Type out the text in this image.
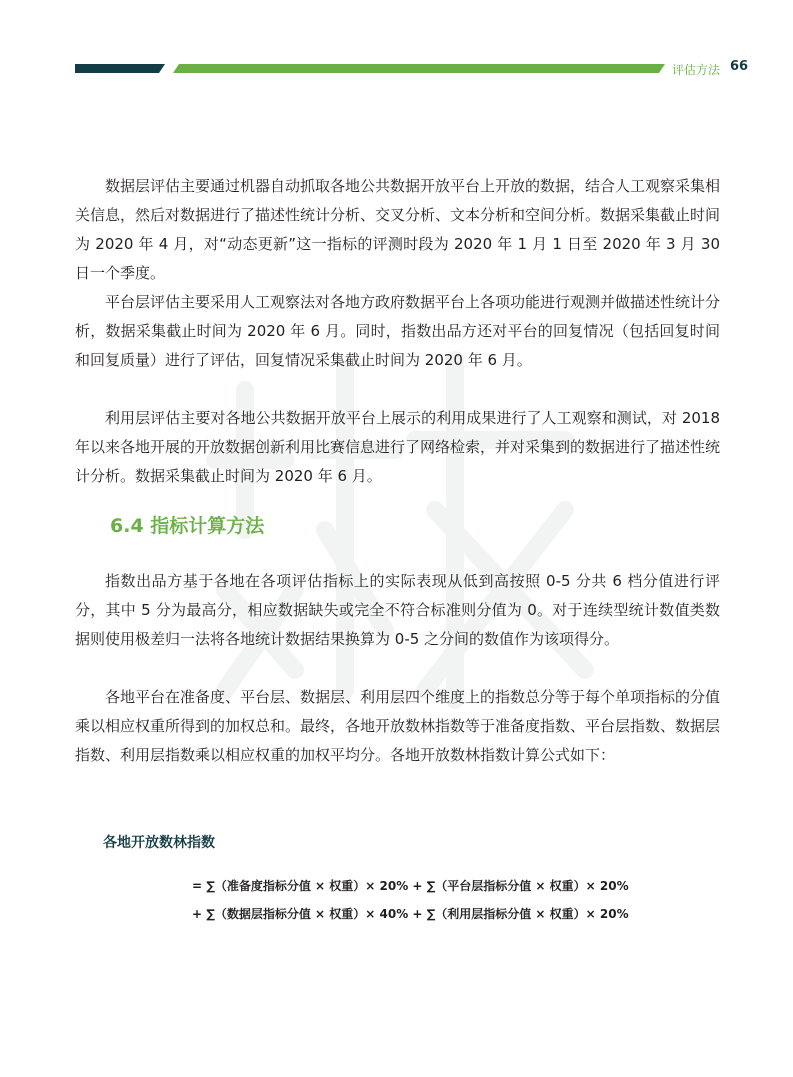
评估方法 66

数据层评估主要通过机器自动抓取各地公共数据开放平台上开放的数据，结合人工观察采集相关信息，然后对数据进行了描述性统计分析、交叉分析、文本分析和空间分析。数据采集截止时间为 2020 年 4 月，对“动态更新”这一指标的评测时段为 2020 年 1 月 1 日至 2020 年 3 月 30 日一个季度。

平台层评估主要采用人工观察法对各地方政府数据平台上各项功能进行观测并做描述性统计分析，数据采集截止时间为 2020 年 6 月。同时，指数出品方还对平台的回复情况（包括回复时间和回复质量）进行了评估，回复情况采集截止时间为 2020 年 6 月。

利用层评估主要对各地公共数据开放平台上展示的利用成果进行了人工观察和测试，对 2018 年以来各地开展的开放数据创新利用比赛信息进行了网络检索，并对采集到的数据进行了描述性统计分析。数据采集截止时间为 2020 年 6 月。

6.4 指标计算方法

指数出品方基于各地在各项评估指标上的实际表现从低到高按照 0-5 分共 6 档分值进行评分，其中 5 分为最高分，相应数据缺失或完全不符合标准则分值为 0。对于连续型统计数值类数据则使用极差归一法将各地统计数据结果换算为 0-5 之分间的数值作为该项得分。

各地平台在准备度、平台层、数据层、利用层四个维度上的指数总分等于每个单项指标的分值乘以相应权重所得到的加权总和。最终，各地开放数林指数等于准备度指数、平台层指数、数据层指数、利用层指数乘以相应权重的加权平均分。各地开放数林指数计算公式如下：

各地开放数林指数
= ∑（准备度指标分值 × 权重）× 20% + ∑（平台层指标分值 × 权重）× 20%
+ ∑（数据层指标分值 × 权重）× 40% + ∑（利用层指标分值 × 权重）× 20%
